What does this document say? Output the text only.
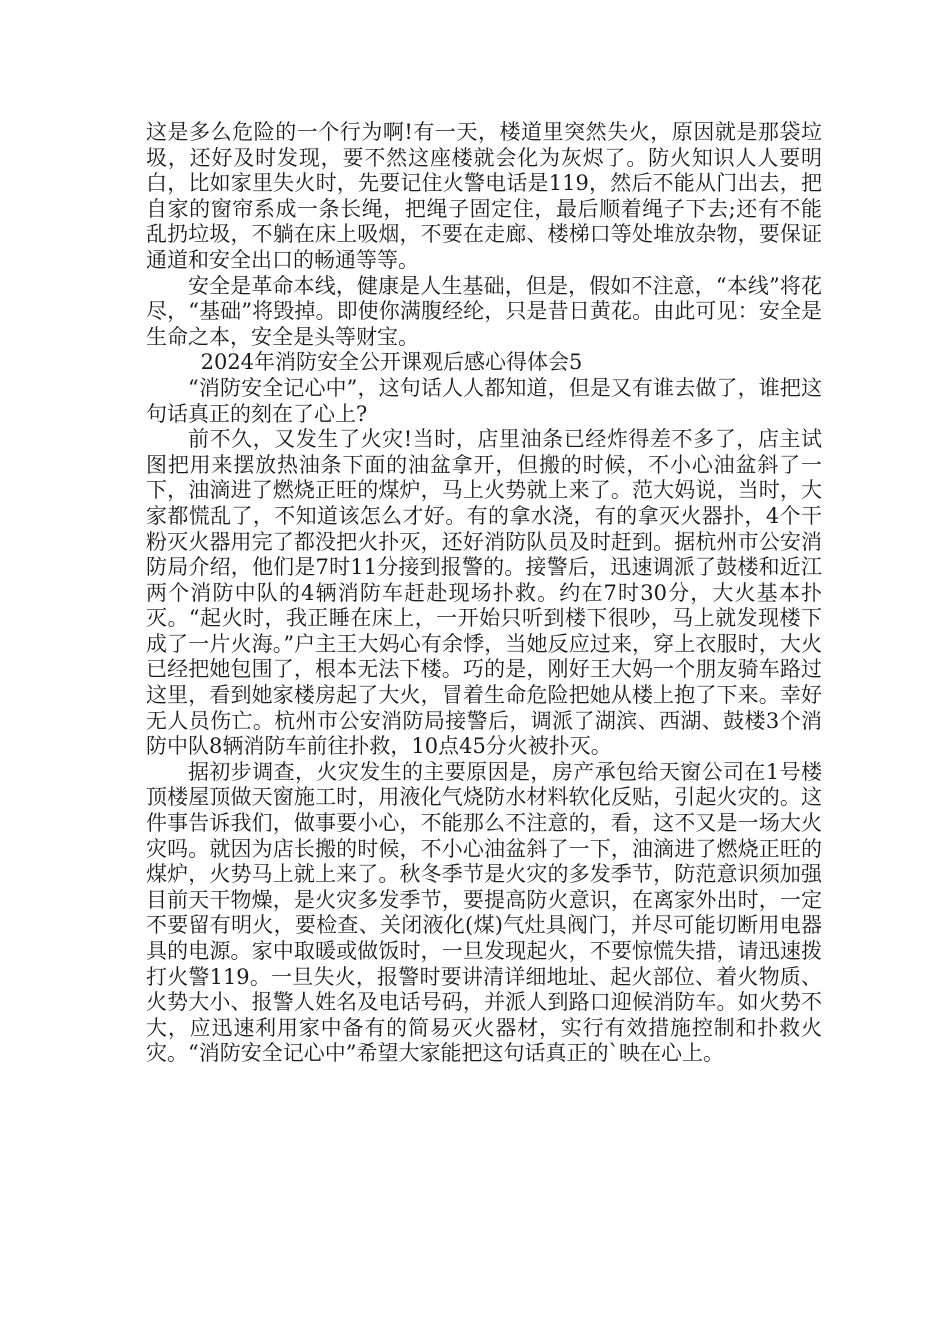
这是多么危险的一个行为啊!有一天，楼道里突然失火，原因就是那袋垃圾，还好及时发现，要不然这座楼就会化为灰烬了。防火知识人人要明白，比如家里失火时，先要记住火警电话是119，然后不能从门出去，把自家的窗帘系成一条长绳，把绳子固定住，最后顺着绳子下去;还有不能乱扔垃圾，不躺在床上吸烟，不要在走廊、楼梯口等处堆放杂物，要保证通道和安全出口的畅通等等。

安全是革命本线，健康是人生基础，但是，假如不注意，“本线”将花尽，“基础”将毁掉。即使你满腹经纶，只是昔日黄花。由此可见：安全是生命之本，安全是头等财宝。

2024年消防安全公开课观后感心得体会5

“消防安全记心中”，这句话人人都知道，但是又有谁去做了，谁把这句话真正的刻在了心上?

前不久，又发生了火灾!当时，店里油条已经炸得差不多了，店主试图把用来摆放热油条下面的油盆拿开，但搬的时候，不小心油盆斜了一下，油滴进了燃烧正旺的煤炉，马上火势就上来了。范大妈说，当时，大家都慌乱了，不知道该怎么才好。有的拿水浇，有的拿灭火器扑，4个干粉灭火器用完了都没把火扑灭，还好消防队员及时赶到。据杭州市公安消防局介绍，他们是7时11分接到报警的。接警后，迅速调派了鼓楼和近江两个消防中队的4辆消防车赶赴现场扑救。约在7时30分，大火基本扑灭。“起火时，我正睡在床上，一开始只听到楼下很吵，马上就发现楼下成了一片火海。”户主王大妈心有余悸，当她反应过来，穿上衣服时，大火已经把她包围了，根本无法下楼。巧的是，刚好王大妈一个朋友骑车路过这里，看到她家楼房起了大火，冒着生命危险把她从楼上抱了下来。幸好无人员伤亡。杭州市公安消防局接警后，调派了湖滨、西湖、鼓楼3个消防中队8辆消防车前往扑救，10点45分火被扑灭。

据初步调查，火灾发生的主要原因是，房产承包给天窗公司在1号楼顶楼屋顶做天窗施工时，用液化气烧防水材料软化反贴，引起火灾的。这件事告诉我们，做事要小心，不能那么不注意的，看，这不又是一场大火灾吗。就因为店长搬的时候，不小心油盆斜了一下，油滴进了燃烧正旺的煤炉，火势马上就上来了。秋冬季节是火灾的多发季节，防范意识须加强目前天干物燥，是火灾多发季节，要提高防火意识，在离家外出时，一定不要留有明火，要检查、关闭液化(煤)气灶具阀门，并尽可能切断用电器具的电源。家中取暖或做饭时，一旦发现起火，不要惊慌失措，请迅速拨打火警119。一旦失火，报警时要讲清详细地址、起火部位、着火物质、火势大小、报警人姓名及电话号码，并派人到路口迎候消防车。如火势不大，应迅速利用家中备有的简易灭火器材，实行有效措施控制和扑救火灾。“消防安全记心中”希望大家能把这句话真正的`映在心上。
